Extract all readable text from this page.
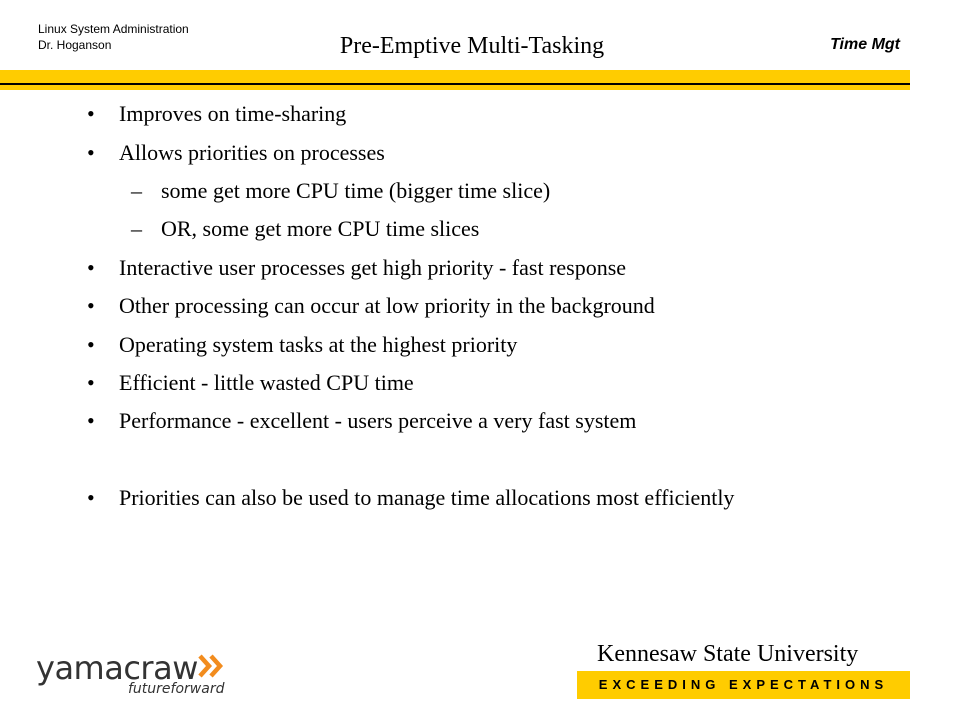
Linux System Administration
Dr. Hoganson	Pre-Emptive Multi-Tasking	Time Mgt
• Improves on time-sharing
• Allows priorities on processes
– some get more CPU time (bigger time slice)
– OR, some get more CPU time slices
• Interactive user processes get high priority - fast response
• Other processing can occur at low priority in the background
• Operating system tasks at the highest priority
• Efficient - little wasted CPU time
• Performance - excellent - users perceive a very fast system
• Priorities can also be used to manage time allocations most efficiently
yamacraw
futureforward
Kennesaw State University
EXCEEDING EXPECTATIONS
